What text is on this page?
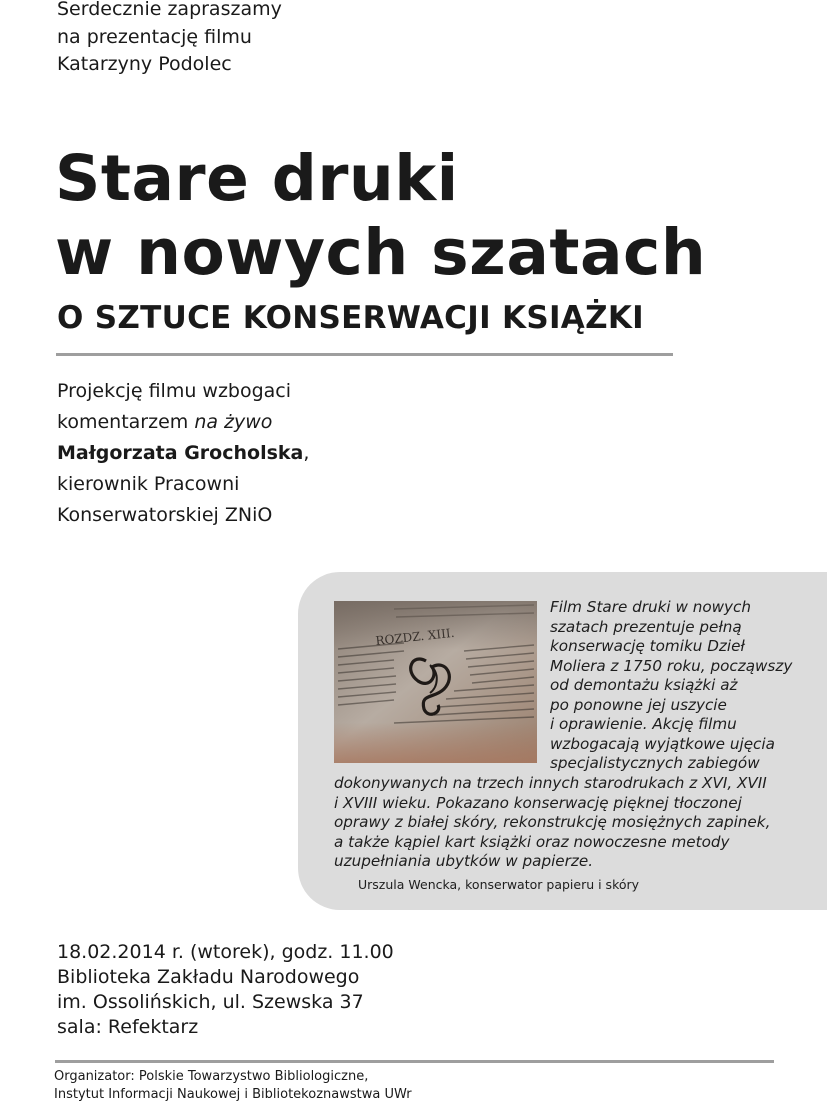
Serdecznie zapraszamy
na prezentację filmu
Katarzyny Podolec
Stare druki
w nowych szatach
O SZTUCE KONSERWACJI KSIĄŻKI
Projekcję filmu wzbogaci
komentarzem na żywo
Małgorzata Grocholska,
kierownik Pracowni
Konserwatorskiej ZNiO
Film Stare druki w nowych
szatach prezentuje pełną
konserwację tomiku Dzieł
Moliera z 1750 roku, począwszy
od demontażu książki aż
po ponowne jej uszycie
i oprawienie. Akcję filmu
wzbogacają wyjątkowe ujęcia
specjalistycznych zabiegów
dokonywanych na trzech innych starodrukach z XVI, XVII
i XVIII wieku. Pokazano konserwację pięknej tłoczonej
oprawy z białej skóry, rekonstrukcję mosiężnych zapinek,
a także kąpiel kart książki oraz nowoczesne metody
uzupełniania ubytków w papierze.
Urszula Wencka, konserwator papieru i skóry
18.02.2014 r. (wtorek), godz. 11.00
Biblioteka Zakładu Narodowego
im. Ossolińskich, ul. Szewska 37
sala: Refektarz
Organizator: Polskie Towarzystwo Bibliologiczne,
Instytut Informacji Naukowej i Bibliotekoznawstwa UWr
